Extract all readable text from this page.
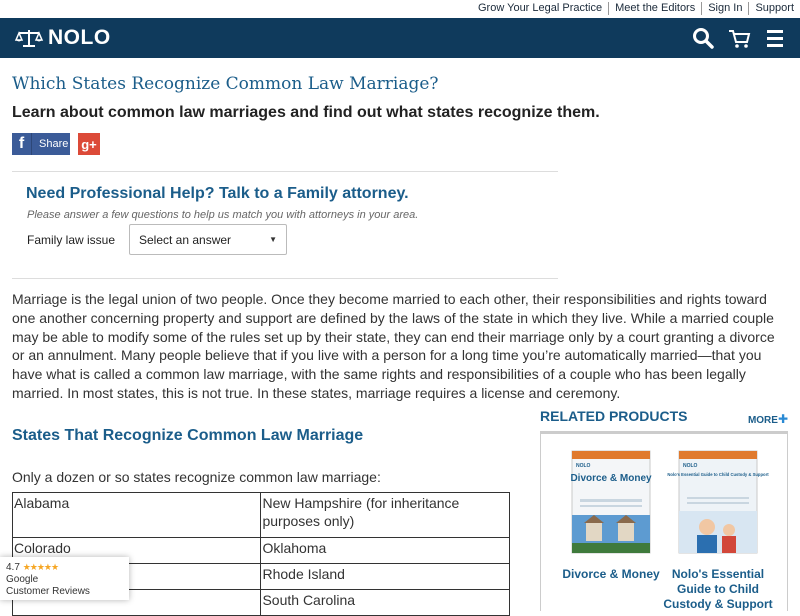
Grow Your Legal Practice	Meet the Editors	Sign In	Support
NOLO
Which States Recognize Common Law Marriage?
Learn about common law marriages and find out what states recognize them.
f	Share g+
Need Professional Help? Talk to a Family attorney.
Please answer a few questions to help us match you with attorneys in your area.
Family law issue Select an answer	▼

Marriage is the legal union of two people. Once they become married to each other, their responsibilities and rights toward one another concerning property and support are defined by the laws of the state in which they live. While a married couple may be able to modify some of the rules set up by their state, they can end their marriage only by a court granting a divorce or an annulment. Many people believe that if you live with a person for a long time you’re automatically married—that you have what is called a common law marriage, with the same rights and responsibilities of a couple who has been legally married. In most states, this is not true. In these states, marriage requires a license and ceremony.

States That Recognize Common Law Marriage

Only a dozen or so states recognize common law marriage:

Alabama	New Hampshire (for inheritance purposes only)
Colorado	Oklahoma
	Rhode Island
	South Carolina
RELATED PRODUCTS	MORE✚
NOLO
Divorce & Money
NOLO
Nolo's Essential Guide to Child Custody & Support
Divorce & Money	Nolo's Essential Guide to Child Custody & Support
4.7 ★★★★★
Google
Customer Reviews
